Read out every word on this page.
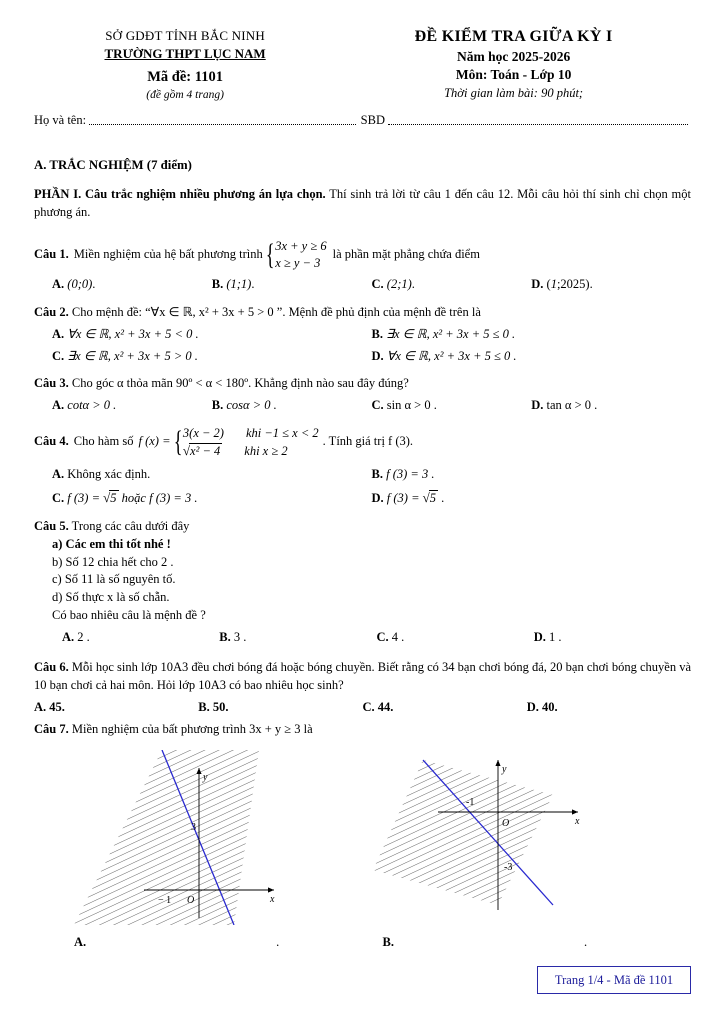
SỞ GDĐT TỈNH BẮC NINH
TRƯỜNG THPT LỤC NAM
Mã đề: 1101
(đề gồm 4 trang)
ĐỀ KIỂM TRA GIỮA KỲ I
Năm học 2025-2026
Môn: Toán - Lớp 10
Thời gian làm bài: 90 phút;
Họ và tên:	SBD
A. TRẮC NGHIỆM (7 điểm)
PHẦN I. Câu trắc nghiệm nhiều phương án lựa chọn. Thí sinh trả lời từ câu 1 đến câu 12. Mỗi câu hỏi thí sinh chỉ chọn một phương án.
Câu 1. Miền nghiệm của hệ bất phương trình { 3x + y ≥ 6
x ≥ y − 3
là phần mặt phẳng chứa điểm
A. (0;0).	B. (1;1).	C. (2;1).	D. (1;2025).
Câu 2. Cho mệnh đề: “∀x ∈ ℝ, x² + 3x + 5 > 0 ”. Mệnh đề phủ định của mệnh đề trên là
A. ∀x ∈ ℝ, x² + 3x + 5 < 0 .	B. ∃x ∈ ℝ, x² + 3x + 5 ≤ 0 .
C. ∃x ∈ ℝ, x² + 3x + 5 > 0 .	D. ∀x ∈ ℝ, x² + 3x + 5 ≤ 0 .
Câu 3. Cho góc α thỏa mãn 90º < α < 180º. Khẳng định nào sau đây đúng?
A. cotα > 0 .	B. cosα > 0 .	C. sin α > 0 .	D. tan α > 0 .
Câu 4. Cho hàm số f (x) = { 3(x − 2) khi −1 ≤ x < 2
√x² − 4 khi x ≥ 2
. Tính giá trị f (3).
A. Không xác định.	B. f (3) = 3 .
C. f (3) = √5 hoặc f (3) = 3 .	D. f (3) = √5 .
Câu 5. Trong các câu dưới đây
a) Các em thi tốt nhé !
b) Số 12 chia hết cho 2 .
c) Số 11 là số nguyên tố.
d) Số thực x là số chẵn.
Có bao nhiêu câu là mệnh đề ?
A. 2 .	B. 3 .	C. 4 .	D. 1 .
Câu 6. Mỗi học sinh lớp 10A3 đều chơi bóng đá hoặc bóng chuyền. Biết rằng có 34 bạn chơi bóng đá, 20 bạn chơi bóng chuyền và 10 bạn chơi cả hai môn. Hỏi lớp 10A3 có bao nhiêu học sinh?
A. 45.	B. 50.	C. 44.	D. 40.
Câu 7. Miền nghiệm của bất phương trình 3x + y ≥ 3 là
y
x
3
− 1 O
y
x
O
-1
-3
A.	.	B.	.
Trang 1/4 - Mã đề 1101
